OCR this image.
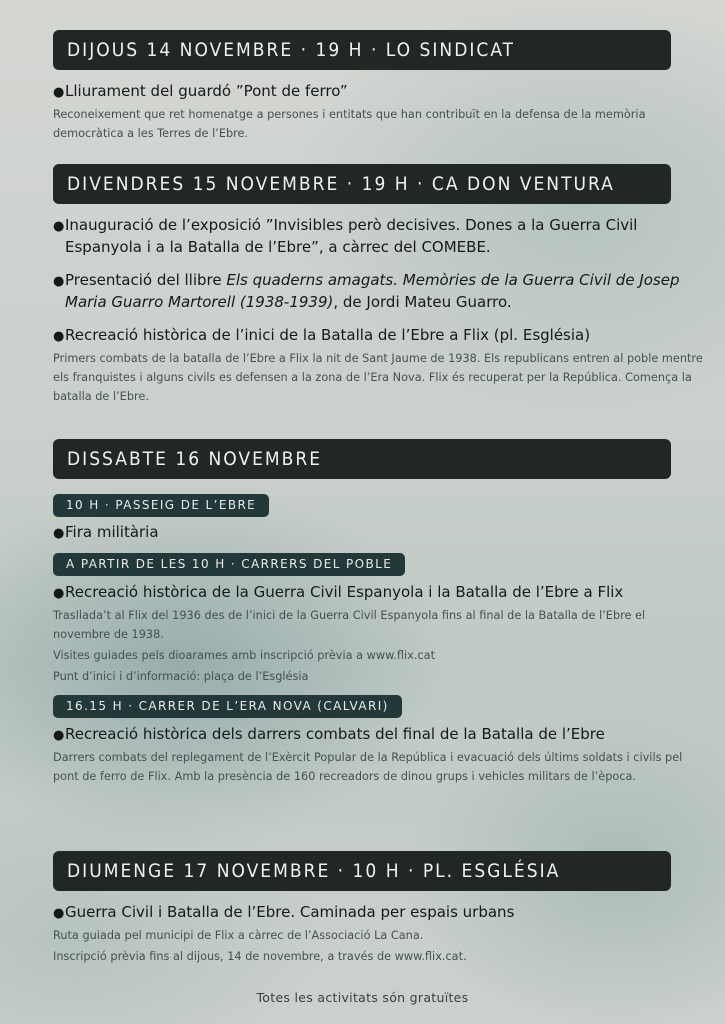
DIJOUS 14 NOVEMBRE · 19 H · LO SINDICAT
●Lliurament del guardó ”Pont de ferro”
Reconeixement que ret homenatge a persones i entitats que han contribuït en la defensa de la memòria democràtica a les Terres de l’Ebre.
DIVENDRES 15 NOVEMBRE · 19 H · CA DON VENTURA
●Inauguració de l’exposició ”Invisibles però decisives. Dones a la Guerra Civil Espanyola i a la Batalla de l’Ebre”, a càrrec del COMEBE.
●Presentació del llibre Els quaderns amagats. Memòries de la Guerra Civil de Josep Maria Guarro Martorell (1938-1939), de Jordi Mateu Guarro.
●Recreació històrica de l’inici de la Batalla de l’Ebre a Flix (pl. Església)
Primers combats de la batalla de l’Ebre a Flix la nit de Sant Jaume de 1938. Els republicans entren al poble mentre els franquistes i alguns civils es defensen a la zona de l’Era Nova. Flix és recuperat per la República. Comença la batalla de l’Ebre.
DISSABTE 16 NOVEMBRE
10 H · PASSEIG DE L’EBRE
●Fira militària
A PARTIR DE LES 10 H · CARRERS DEL POBLE
●Recreació històrica de la Guerra Civil Espanyola i la Batalla de l’Ebre a Flix
Trasllada’t al Flix del 1936 des de l’inici de la Guerra Civil Espanyola fins al final de la Batalla de l’Ebre el novembre de 1938.
Visites guiades pels dioarames amb inscripció prèvia a www.flix.cat
Punt d’inici i d’informació: plaça de l’Església
16.15 H · CARRER DE L’ERA NOVA (CALVARI)
●Recreació històrica dels darrers combats del final de la Batalla de l’Ebre
Darrers combats del replegament de l’Exèrcit Popular de la República i evacuació dels últims soldats i civils pel pont de ferro de Flix. Amb la presència de 160 recreadors de dinou grups i vehicles militars de l’època.
DIUMENGE 17 NOVEMBRE · 10 H · PL. ESGLÉSIA
●Guerra Civil i Batalla de l’Ebre. Caminada per espais urbans
Ruta guiada pel municipi de Flix a càrrec de l’Associació La Cana.
Inscripció prèvia fins al dijous, 14 de novembre, a través de www.flix.cat.
Totes les activitats són gratuïtes
